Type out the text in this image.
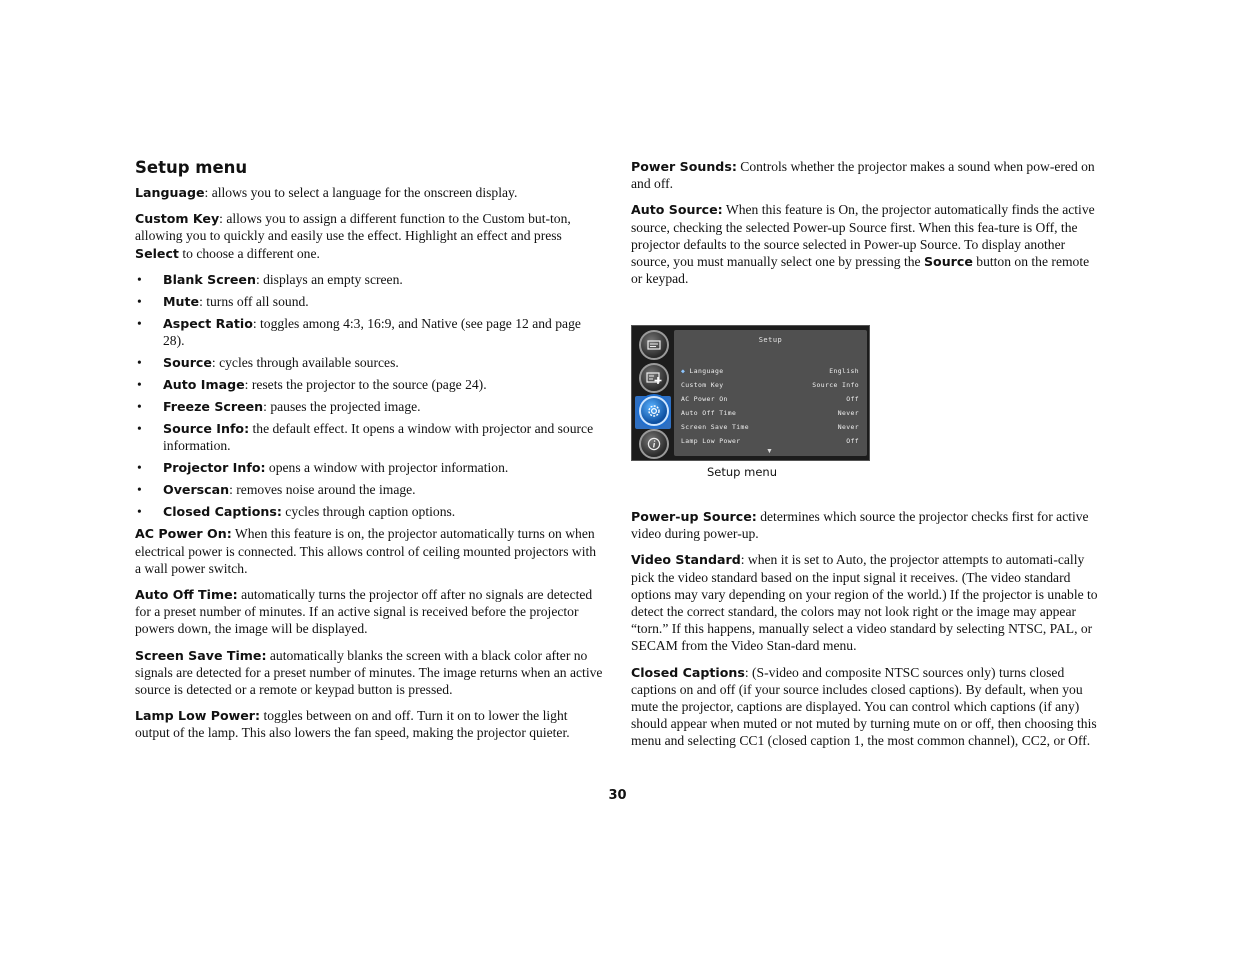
Setup menu

Language: allows you to select a language for the onscreen display.

Custom Key: allows you to assign a different function to the Custom but-ton, allowing you to quickly and easily use the effect. Highlight an effect and press Select to choose a different one.

• Blank Screen: displays an empty screen.
• Mute: turns off all sound.
• Aspect Ratio: toggles among 4:3, 16:9, and Native (see page 12 and page 28).
• Source: cycles through available sources.
• Auto Image: resets the projector to the source (page 24).
• Freeze Screen: pauses the projected image.
• Source Info: the default effect. It opens a window with projector and source information.
• Projector Info: opens a window with projector information.
• Overscan: removes noise around the image.
• Closed Captions: cycles through caption options.

AC Power On: When this feature is on, the projector automatically turns on when electrical power is connected. This allows control of ceiling mounted projectors with a wall power switch.

Auto Off Time: automatically turns the projector off after no signals are detected for a preset number of minutes. If an active signal is received before the projector powers down, the image will be displayed.

Screen Save Time: automatically blanks the screen with a black color after no signals are detected for a preset number of minutes. The image returns when an active source is detected or a remote or keypad button is pressed.

Lamp Low Power: toggles between on and off. Turn it on to lower the light output of the lamp. This also lowers the fan speed, making the projector quieter.

Power Sounds: Controls whether the projector makes a sound when pow-ered on and off.

Auto Source: When this feature is On, the projector automatically finds the active source, checking the selected Power-up Source first. When this fea-ture is Off, the projector defaults to the source selected in Power-up Source. To display another source, you must manually select one by pressing the Source button on the remote or keypad.

Setup
◆ Language	English
Custom Key	Source Info
AC Power On	Off
Auto Off Time	Never
Screen Save Time	Never
Lamp Low Power	Off
▼
Setup menu

Power-up Source: determines which source the projector checks first for active video during power-up.

Video Standard: when it is set to Auto, the projector attempts to automati-cally pick the video standard based on the input signal it receives. (The video standard options may vary depending on your region of the world.) If the projector is unable to detect the correct standard, the colors may not look right or the image may appear “torn.” If this happens, manually select a video standard by selecting NTSC, PAL, or SECAM from the Video Stan-dard menu.

Closed Captions: (S-video and composite NTSC sources only) turns closed captions on and off (if your source includes closed captions). By default, when you mute the projector, captions are displayed. You can control which captions (if any) should appear when muted or not muted by turning mute on or off, then choosing this menu and selecting CC1 (closed caption 1, the most common channel), CC2, or Off.

30
